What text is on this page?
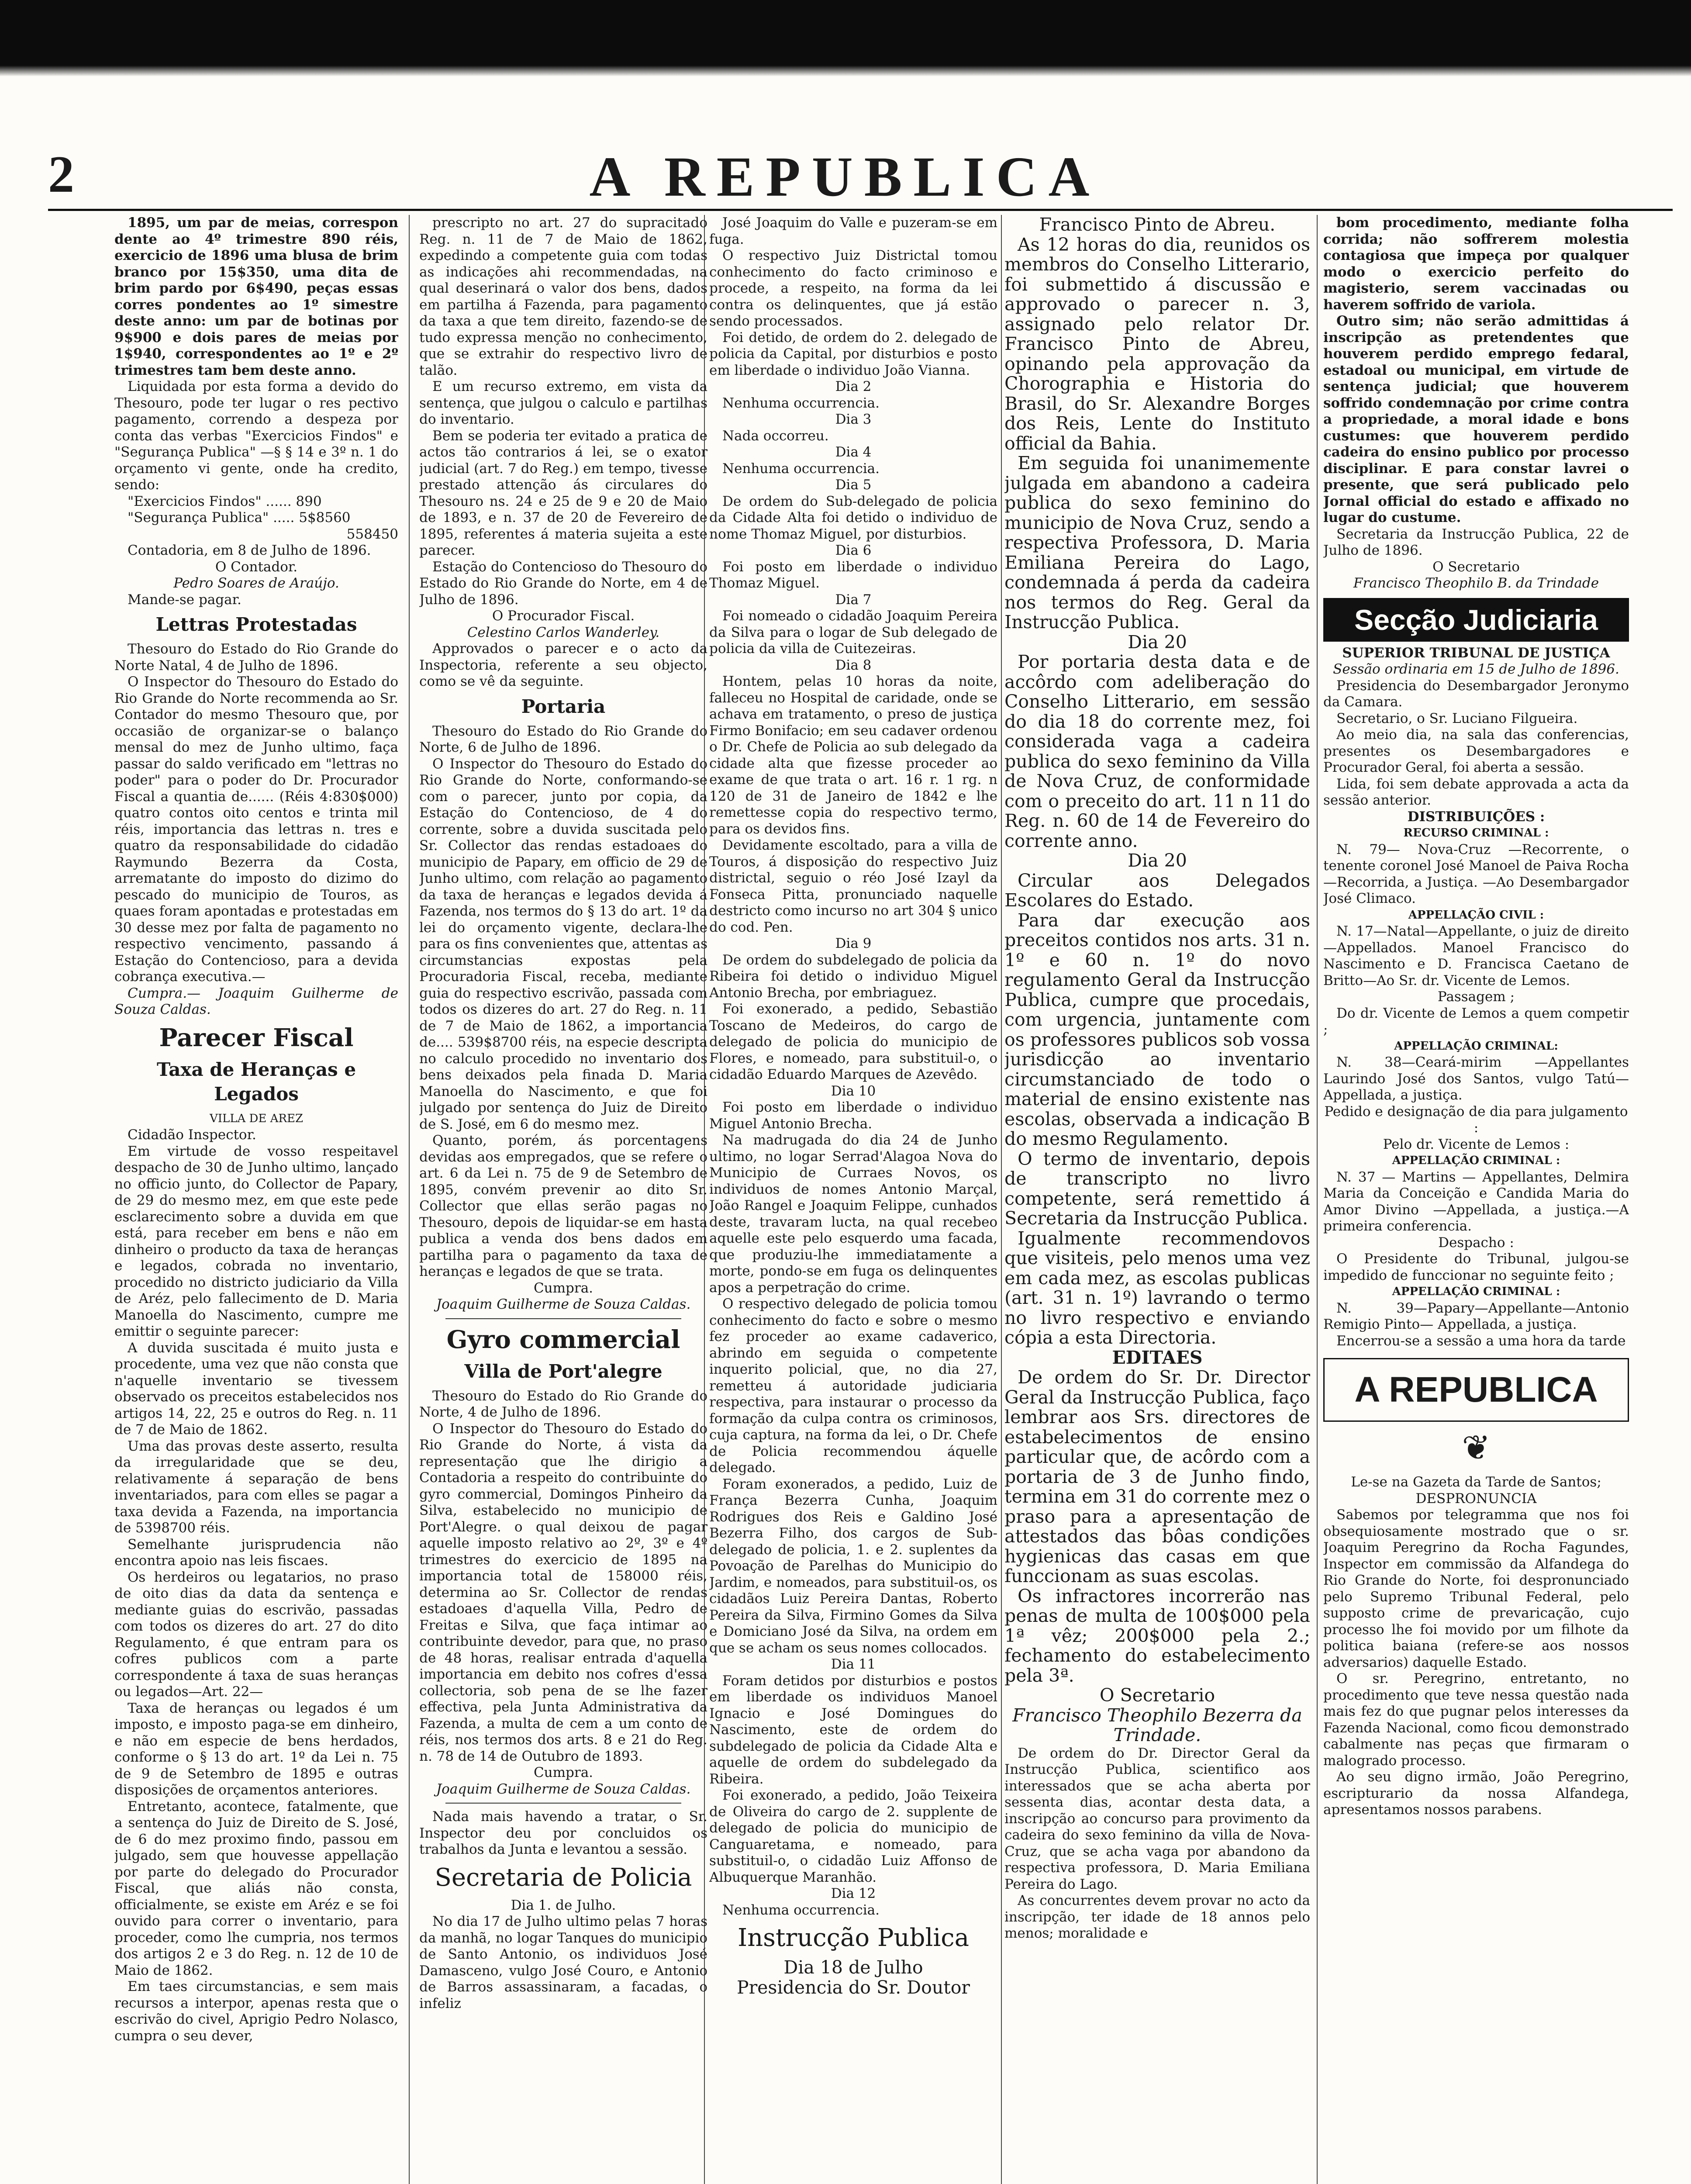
2	A REPUBLICA

1895, um par de meias, correspon dente ao 4º trimestre 890 réis, exercicio de 1896 uma blusa de brim branco por 15$350, uma dita de brim pardo por 6$490, peças essas corres pondentes ao 1º simestre deste anno: um par de botinas por 9$900 e dois pares de meias por 1$940, correspondentes ao 1º e 2º trimestres tam bem deste anno.

Liquidada por esta forma a devido do Thesouro, pode ter lugar o res pectivo pagamento, correndo a despeza por conta das verbas "Exercicios Findos" e "Segurança Publica" —§ § 14 e 3º n. 1 do orçamento vi gente, onde ha credito, sendo:

"Exercicios Findos" ...... 890

"Segurança Publica" ..... 5$8560

558450

Contadoria, em 8 de Julho de 1896.

O Contador.

Pedro Soares de Araújo.

Mande-se pagar.

Lettras Protestadas

Thesouro do Estado do Rio Grande do Norte Natal, 4 de Julho de 1896.

O Inspector do Thesouro do Estado do Rio Grande do Norte recommenda ao Sr. Contador do mesmo Thesouro que, por occasião de organizar-se o balanço mensal do mez de Junho ultimo, faça passar do saldo verificado em "lettras no poder" para o poder do Dr. Procurador Fiscal a quantia de...... (Réis 4:830$000) quatro contos oito centos e trinta mil réis, importancia das lettras n. tres e quatro da responsabilidade do cidadão Raymundo Bezerra da Costa, arrematante do imposto do dizimo do pescado do municipio de Touros, as quaes foram apontadas e protestadas em 30 desse mez por falta de pagamento no respectivo vencimento, passando á Estação do Contencioso, para a devida cobrança executiva.—

Cumpra.— Joaquim Guilherme de Souza Caldas.

Parecer Fiscal

Taxa de Heranças e Legados

VILLA DE AREZ

Cidadão Inspector.

Em virtude de vosso respeitavel despacho de 30 de Junho ultimo, lançado no officio junto, do Collector de Papary, de 29 do mesmo mez, em que este pede esclarecimento sobre a duvida em que está, para receber em bens e não em dinheiro o producto da taxa de heranças e legados, cobrada no inventario, procedido no districto judiciario da Villa de Aréz, pelo fallecimento de D. Maria Manoella do Nascimento, cumpre me emittir o seguinte parecer:

A duvida suscitada é muito justa e procedente, uma vez que não consta que n'aquelle inventario se tivessem observado os preceitos estabelecidos nos artigos 14, 22, 25 e outros do Reg. n. 11 de 7 de Maio de 1862.

Uma das provas deste asserto, resulta da irregularidade que se deu, relativamente á separação de bens inventariados, para com elles se pagar a taxa devida a Fazenda, na importancia de 5398700 réis.

Semelhante jurisprudencia não encontra apoio nas leis fiscaes.

Os herdeiros ou legatarios, no praso de oito dias da data da sentença e mediante guias do escrivão, passadas com todos os dizeres do art. 27 do dito Regulamento, é que entram para os cofres publicos com a parte correspondente á taxa de suas heranças ou legados—Art. 22—

Taxa de heranças ou legados é um imposto, e imposto paga-se em dinheiro, e não em especie de bens herdados, conforme o § 13 do art. 1º da Lei n. 75 de 9 de Setembro de 1895 e outras disposições de orçamentos anteriores.

Entretanto, acontece, fatalmente, que a sentença do Juiz de Direito de S. José, de 6 do mez proximo findo, passou em julgado, sem que houvesse appellação por parte do delegado do Procurador Fiscal, que aliás não consta, officialmente, se existe em Aréz e se foi ouvido para correr o inventario, para proceder, como lhe cumpria, nos termos dos artigos 2 e 3 do Reg. n. 12 de 10 de Maio de 1862.

Em taes circumstancias, e sem mais recursos a interpor, apenas resta que o escrivão do civel, Aprigio Pedro Nolasco, cumpra o seu dever,

prescripto no art. 27 do supracitado Reg. n. 11 de 7 de Maio de 1862, expedindo a competente guia com todas as indicações ahi recommendadas, na qual deserinará o valor dos bens, dados em partilha á Fazenda, para pagamento da taxa a que tem direito, fazendo-se de tudo expressa menção no conhecimento, que se extrahir do respectivo livro de talão.

E um recurso extremo, em vista da sentença, que julgou o calculo e partilhas do inventario.

Bem se poderia ter evitado a pratica de actos tão contrarios á lei, se o exator judicial (art. 7 do Reg.) em tempo, tivesse prestado attenção ás circulares do Thesouro ns. 24 e 25 de 9 e 20 de Maio de 1893, e n. 37 de 20 de Fevereiro de 1895, referentes á materia sujeita a este parecer.

Estação do Contencioso do Thesouro do Estado do Rio Grande do Norte, em 4 de Julho de 1896.

O Procurador Fiscal.

Celestino Carlos Wanderley.

Approvados o parecer e o acto da Inspectoria, referente a seu objecto, como se vê da seguinte.

Portaria

Thesouro do Estado do Rio Grande do Norte, 6 de Julho de 1896.

O Inspector do Thesouro do Estado do Rio Grande do Norte, conformando-se com o parecer, junto por copia, da Estação do Contencioso, de 4 do corrente, sobre a duvida suscitada pelo Sr. Collector das rendas estadoaes do municipio de Papary, em officio de 29 de Junho ultimo, com relação ao pagamento da taxa de heranças e legados devida á Fazenda, nos termos do § 13 do art. 1º da lei do orçamento vigente, declara-lhe para os fins convenientes que, attentas as circumstancias expostas pela Procuradoria Fiscal, receba, mediante guia do respectivo escrivão, passada com todos os dizeres do art. 27 do Reg. n. 11 de 7 de Maio de 1862, a importancia de.... 539$8700 réis, na especie descripta no calculo procedido no inventario dos bens deixados pela finada D. Maria Manoella do Nascimento, e que foi julgado por sentença do Juiz de Direito de S. José, em 6 do mesmo mez.

Quanto, porém, ás porcentagens devidas aos empregados, que se refere o art. 6 da Lei n. 75 de 9 de Setembro de 1895, convém prevenir ao dito Sr. Collector que ellas serão pagas no Thesouro, depois de liquidar-se em hasta publica a venda dos bens dados em partilha para o pagamento da taxa de heranças e legados de que se trata.

Cumpra.

Joaquim Guilherme de Souza Caldas.

Gyro commercial

Villa de Port'alegre

Thesouro do Estado do Rio Grande do Norte, 4 de Julho de 1896.

O Inspector do Thesouro do Estado do Rio Grande do Norte, á vista da representação que lhe dirigio a Contadoria a respeito do contribuinte do gyro commercial, Domingos Pinheiro da Silva, estabelecido no municipio de Port'Alegre. o qual deixou de pagar aquelle imposto relativo ao 2º, 3º e 4º trimestres do exercicio de 1895 na importancia total de 158000 réis, determina ao Sr. Collector de rendas estadoaes d'aquella Villa, Pedro de Freitas e Silva, que faça intimar ao contribuinte devedor, para que, no praso de 48 horas, realisar entrada d'aquella importancia em debito nos cofres d'essa collectoria, sob pena de se lhe fazer effectiva, pela Junta Administrativa da Fazenda, a multa de cem a um conto de réis, nos termos dos arts. 8 e 21 do Reg. n. 78 de 14 de Outubro de 1893.

Cumpra.

Joaquim Guilherme de Souza Caldas.

Nada mais havendo a tratar, o Sr. Inspector deu por concluidos os trabalhos da Junta e levantou a sessão.

Secretaria de Policia

Dia 1. de Julho.

No dia 17 de Julho ultimo pelas 7 horas da manhã, no logar Tanques do municipio de Santo Antonio, os individuos José Damasceno, vulgo José Couro, e Antonio de Barros assassinaram, a facadas, o infeliz

José Joaquim do Valle e puzeram-se em fuga.

O respectivo Juiz Districtal tomou conhecimento do facto criminoso e procede, a respeito, na forma da lei contra os delinquentes, que já estão sendo processados.

Foi detido, de ordem do 2. delegado de policia da Capital, por disturbios e posto em liberdade o individuo João Vianna.

Dia 2

Nenhuma occurrencia.

Dia 3

Nada occorreu.

Dia 4

Nenhuma occurrencia.

Dia 5

De ordem do Sub-delegado de policia da Cidade Alta foi detido o individuo de nome Thomaz Miguel, por disturbios.

Dia 6

Foi posto em liberdade o individuo Thomaz Miguel.

Dia 7

Foi nomeado o cidadão Joaquim Pereira da Silva para o logar de Sub delegado de policia da villa de Cuitezeiras.

Dia 8

Hontem, pelas 10 horas da noite, falleceu no Hospital de caridade, onde se achava em tratamento, o preso de justiça Firmo Bonifacio; em seu cadaver ordenou o Dr. Chefe de Policia ao sub delegado da cidade alta que fizesse proceder ao exame de que trata o art. 16 r. 1 rg. n 120 de 31 de Janeiro de 1842 e lhe remettesse copia do respectivo termo, para os devidos fins.

Devidamente escoltado, para a villa de Touros, á disposição do respectivo Juiz districtal, seguio o réo José Izayl da Fonseca Pitta, pronunciado naquelle destricto como incurso no art 304 § unico do cod. Pen.

Dia 9

De ordem do subdelegado de policia da Ribeira foi detido o individuo Miguel Antonio Brecha, por embriaguez.

Foi exonerado, a pedido, Sebastião Toscano de Medeiros, do cargo de delegado de policia do municipio de Flores, e nomeado, para substituil-o, o cidadão Eduardo Marques de Azevêdo.

Dia 10

Foi posto em liberdade o individuo Miguel Antonio Brecha.

Na madrugada do dia 24 de Junho ultimo, no logar Serrad'Alagoa Nova do Municipio de Curraes Novos, os individuos de nomes Antonio Marçal, João Rangel e Joaquim Felippe, cunhados deste, travaram lucta, na qual recebeo aquelle este pelo esquerdo uma facada, que produziu-lhe immediatamente a morte, pondo-se em fuga os delinquentes apos a perpetração do crime.

O respectivo delegado de policia tomou conhecimento do facto e sobre o mesmo fez proceder ao exame cadaverico, abrindo em seguida o competente inquerito policial, que, no dia 27, remetteu á autoridade judiciaria respectiva, para instaurar o processo da formação da culpa contra os criminosos, cuja captura, na forma da lei, o Dr. Chefe de Policia recommendou áquelle delegado.

Foram exonerados, a pedido, Luiz de França Bezerra Cunha, Joaquim Rodrigues dos Reis e Galdino José Bezerra Filho, dos cargos de Sub-delegado de policia, 1. e 2. suplentes da Povoação de Parelhas do Municipio do Jardim, e nomeados, para substituil-os, os cidadãos Luiz Pereira Dantas, Roberto Pereira da Silva, Firmino Gomes da Silva e Domiciano José da Silva, na ordem em que se acham os seus nomes collocados.

Dia 11

Foram detidos por disturbios e postos em liberdade os individuos Manoel Ignacio e José Domingues do Nascimento, este de ordem do subdelegado de policia da Cidade Alta e aquelle de ordem do subdelegado da Ribeira.

Foi exonerado, a pedido, João Teixeira de Oliveira do cargo de 2. supplente de delegado de policia do municipio de Canguaretama, e nomeado, para substituil-o, o cidadão Luiz Affonso de Albuquerque Maranhão.

Dia 12

Nenhuma occurrencia.

Instrucção Publica

Dia 18 de Julho

Presidencia do Sr. Doutor

Francisco Pinto de Abreu.

As 12 horas do dia, reunidos os membros do Conselho Litterario, foi submettido á discussão e approvado o parecer n. 3, assignado pelo relator Dr. Francisco Pinto de Abreu, opinando pela approvação da Chorographia e Historia do Brasil, do Sr. Alexandre Borges dos Reis, Lente do Instituto official da Bahia.

Em seguida foi unanimemente julgada em abandono a cadeira publica do sexo feminino do municipio de Nova Cruz, sendo a respectiva Professora, D. Maria Emiliana Pereira do Lago, condemnada á perda da cadeira nos termos do Reg. Geral da Instrucção Publica.

Dia 20

Por portaria desta data e de accôrdo com adeliberação do Conselho Litterario, em sessão do dia 18 do corrente mez, foi considerada vaga a cadeira publica do sexo feminino da Villa de Nova Cruz, de conformidade com o preceito do art. 11 n 11 do Reg. n. 60 de 14 de Fevereiro do corrente anno.

Dia 20

Circular aos Delegados Escolares do Estado.

Para dar execução aos preceitos contidos nos arts. 31 n. 1º e 60 n. 1º do novo regulamento Geral da Instrucção Publica, cumpre que procedais, com urgencia, juntamente com os professores publicos sob vossa jurisdicção ao inventario circumstanciado de todo o material de ensino existente nas escolas, observada a indicação B do mesmo Regulamento.

O termo de inventario, depois de transcripto no livro competente, será remettido á Secretaria da Instrucção Publica.

Igualmente recommendovos que visiteis, pelo menos uma vez em cada mez, as escolas publicas (art. 31 n. 1º) lavrando o termo no livro respectivo e enviando cópia a esta Directoria.

EDITAES

De ordem do Sr. Dr. Director Geral da Instrucção Publica, faço lembrar aos Srs. directores de estabelecimentos de ensino particular que, de acôrdo com a portaria de 3 de Junho findo, termina em 31 do corrente mez o praso para a apresentação de attestados das bôas condições hygienicas das casas em que funccionam as suas escolas.

Os infractores incorrerão nas penas de multa de 100$000 pela 1ª vêz; 200$000 pela 2.; fechamento do estabelecimento pela 3ª.

O Secretario

Francisco Theophilo Bezerra da Trindade.

De ordem do Dr. Director Geral da Instrucção Publica, scientifico aos interessados que se acha aberta por sessenta dias, acontar desta data, a inscripção ao concurso para provimento da cadeira do sexo feminino da villa de Nova-Cruz, que se acha vaga por abandono da respectiva professora, D. Maria Emiliana Pereira do Lago.

As concurrentes devem provar no acto da inscripção, ter idade de 18 annos pelo menos; moralidade e

bom procedimento, mediante folha corrida; não soffrerem molestia contagiosa que impeça por qualquer modo o exercicio perfeito do magisterio, serem vaccinadas ou haverem soffrido de variola.

Outro sim; não serão admittidas á inscripção as pretendentes que houverem perdido emprego fedaral, estadoal ou municipal, em virtude de sentença judicial; que houverem soffrido condemnação por crime contra a propriedade, a moral idade e bons custumes: que houverem perdido cadeira do ensino publico por processo disciplinar. E para constar lavrei o presente, que será publicado pelo Jornal official do estado e affixado no lugar do custume.

Secretaria da Instrucção Publica, 22 de Julho de 1896.

O Secretario

Francisco Theophilo B. da Trindade

Secção Judiciaria

SUPERIOR TRIBUNAL DE JUSTIÇA

Sessão ordinaria em 15 de Julho de 1896.

Presidencia do Desembargador Jeronymo da Camara.

Secretario, o Sr. Luciano Filgueira.

Ao meio dia, na sala das conferencias, presentes os Desembargadores e Procurador Geral, foi aberta a sessão.

Lida, foi sem debate approvada a acta da sessão anterior.

DISTRIBUIÇÕES :

RECURSO CRIMINAL :

N. 79— Nova-Cruz —Recorrente, o tenente coronel José Manoel de Paiva Rocha—Recorrida, a Justiça. —Ao Desembargador José Climaco.

APPELLAÇÃO CIVIL :

N. 17—Natal—Appellante, o juiz de direito—Appellados. Manoel Francisco do Nascimento e D. Francisca Caetano de Britto—Ao Sr. dr. Vicente de Lemos.

Passagem ;

Do dr. Vicente de Lemos a quem competir ;

APPELLAÇÃO CRIMINAL:

N. 38—Ceará-mirim —Appellantes Laurindo José dos Santos, vulgo Tatú—Appellada, a justiça.

Pedido e designação de dia para julgamento :

Pelo dr. Vicente de Lemos :

APPELLAÇÃO CRIMINAL :

N. 37 — Martins — Appellantes, Delmira Maria da Conceição e Candida Maria do Amor Divino —Appellada, a justiça.—A primeira conferencia.

Despacho :

O Presidente do Tribunal, julgou-se impedido de funccionar no seguinte feito ;

APPELLAÇÃO CRIMINAL :

N. 39—Papary—Appellante—Antonio Remigio Pinto— Appellada, a justiça.

Encerrou-se a sessão a uma hora da tarde

A REPUBLICA
❦

Le-se na Gazeta da Tarde de Santos;

DESPRONUNCIA

Sabemos por telegramma que nos foi obsequiosamente mostrado que o sr. Joaquim Peregrino da Rocha Fagundes, Inspector em commissão da Alfandega do Rio Grande do Norte, foi despronunciado pelo Supremo Tribunal Federal, pelo supposto crime de prevaricação, cujo processo lhe foi movido por um filhote da politica baiana (refere-se aos nossos adversarios) daquelle Estado.

O sr. Peregrino, entretanto, no procedimento que teve nessa questão nada mais fez do que pugnar pelos interesses da Fazenda Nacional, como ficou demonstrado cabalmente nas peças que firmaram o malogrado processo.

Ao seu digno irmão, João Peregrino, escripturario da nossa Alfandega, apresentamos nossos parabens.
